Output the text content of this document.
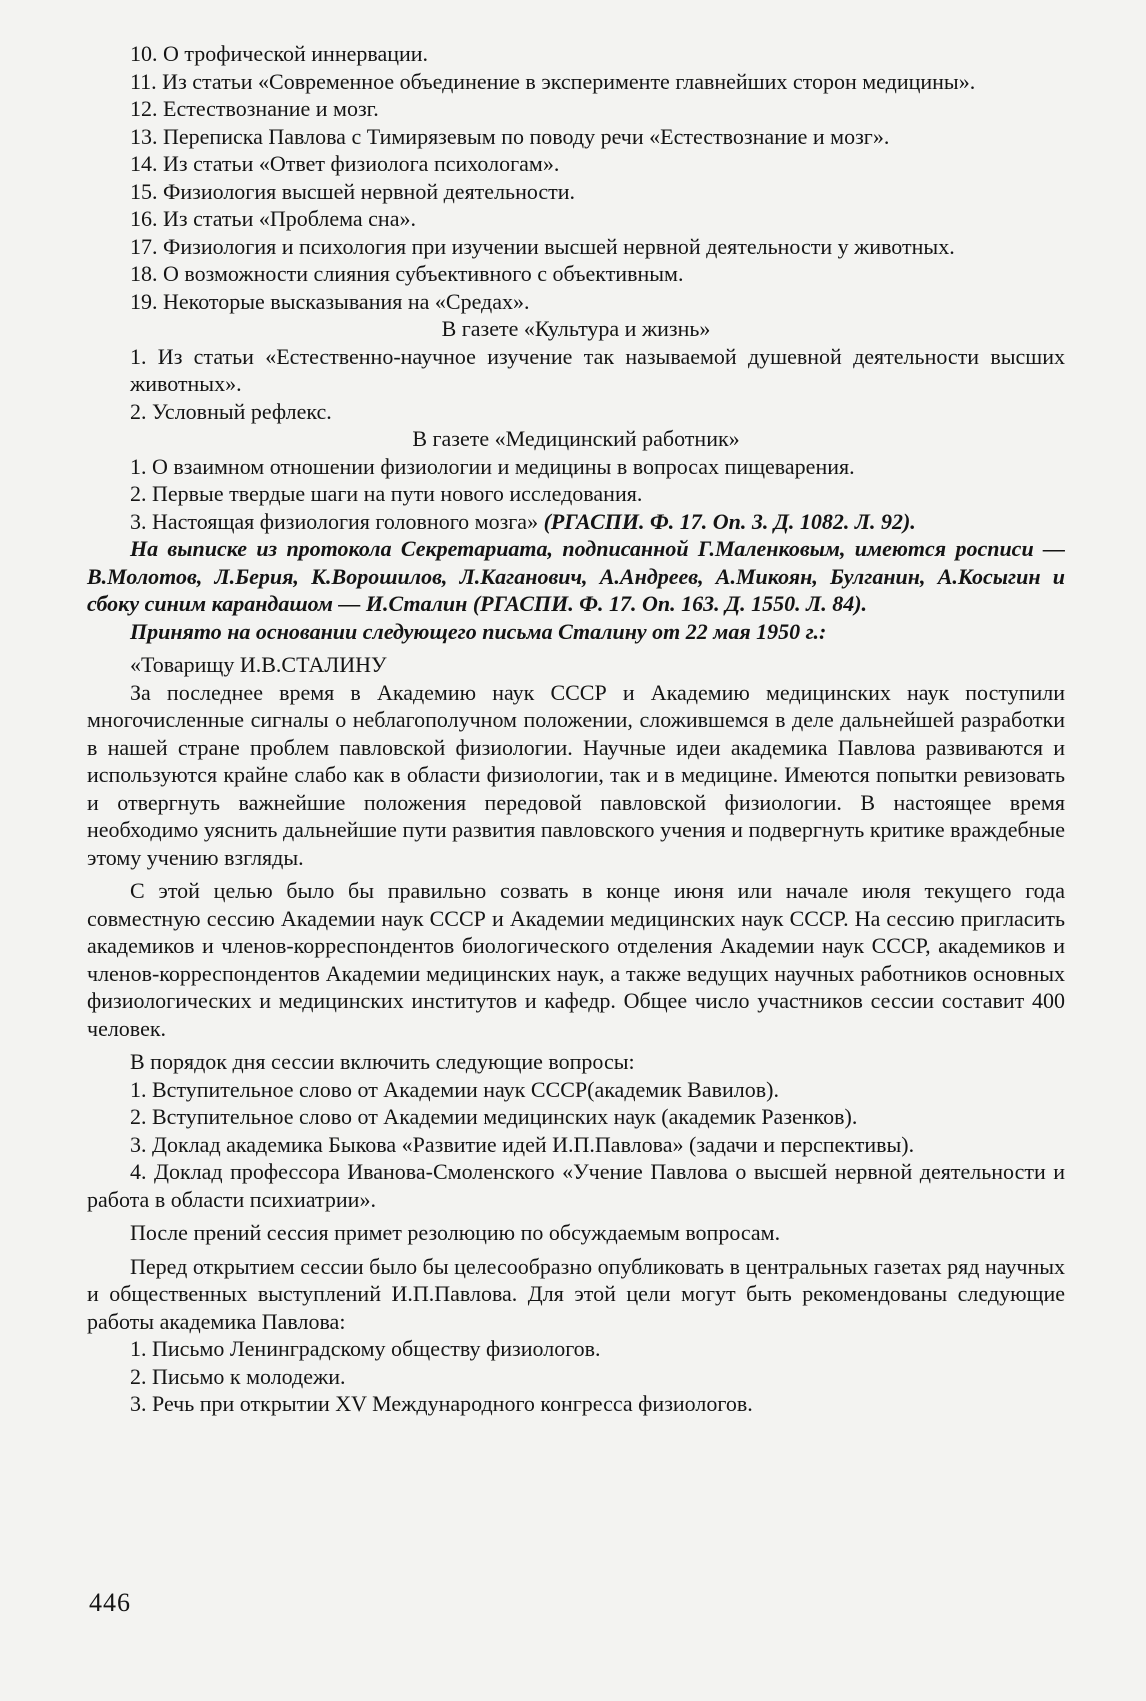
10. О трофической иннервации.

11. Из статьи «Современное объединение в эксперименте главнейших сторон медицины».

12. Естествознание и мозг.

13. Переписка Павлова с Тимирязевым по поводу речи «Естествознание и мозг».

14. Из статьи «Ответ физиолога психологам».

15. Физиология высшей нервной деятельности.

16. Из статьи «Проблема сна».

17. Физиология и психология при изучении высшей нервной деятельности у животных.

18. О возможности слияния субъективного с объективным.

19. Некоторые высказывания на «Средах».

В газете «Культура и жизнь»

1. Из статьи «Естественно-научное изучение так называемой душевной деятельности высших животных».

2. Условный рефлекс.

В газете «Медицинский работник»

1. О взаимном отношении физиологии и медицины в вопросах пищеварения.

2. Первые твердые шаги на пути нового исследования.

3. Настоящая физиология головного мозга» (РГАСПИ. Ф. 17. Оп. 3. Д. 1082. Л. 92).

На выписке из протокола Секретариата, подписанной Г.Маленковым, имеются росписи — В.Молотов, Л.Берия, К.Ворошилов, Л.Каганович, А.Андреев, А.Микоян, Булганин, А.Косыгин и сбоку синим карандашом — И.Сталин (РГАСПИ. Ф. 17. Оп. 163. Д. 1550. Л. 84).

Принято на основании следующего письма Сталину от 22 мая 1950 г.:

«Товарищу И.В.СТАЛИНУ

За последнее время в Академию наук СССР и Академию медицинских наук поступили многочисленные сигналы о неблагополучном положении, сложившемся в деле дальнейшей разработки в нашей стране проблем павловской физиологии. Научные идеи академика Павлова развиваются и используются крайне слабо как в области физиологии, так и в медицине. Имеются попытки ревизовать и отвергнуть важнейшие положения передовой павловской физиологии. В настоящее время необходимо уяснить дальнейшие пути развития павловского учения и подвергнуть критике враждебные этому учению взгляды.

С этой целью было бы правильно созвать в конце июня или начале июля текущего года совместную сессию Академии наук СССР и Академии медицинских наук СССР. На сессию пригласить академиков и членов-корреспондентов биологического отделения Академии наук СССР, академиков и членов-корреспондентов Академии медицинских наук, а также ведущих научных работников основных физиологических и медицинских институтов и кафедр. Общее число участников сессии составит 400 человек.

В порядок дня сессии включить следующие вопросы:

1. Вступительное слово от Академии наук СССР(академик Вавилов).

2. Вступительное слово от Академии медицинских наук (академик Разенков).

3. Доклад академика Быкова «Развитие идей И.П.Павлова» (задачи и перспективы).

4. Доклад профессора Иванова-Смоленского «Учение Павлова о высшей нервной деятельности и работа в области психиатрии».

После прений сессия примет резолюцию по обсуждаемым вопросам.

Перед открытием сессии было бы целесообразно опубликовать в центральных газетах ряд научных и общественных выступлений И.П.Павлова. Для этой цели могут быть рекомендованы следующие работы академика Павлова:

1. Письмо Ленинградскому обществу физиологов.

2. Письмо к молодежи.

3. Речь при открытии XV Международного конгресса физиологов.

446
